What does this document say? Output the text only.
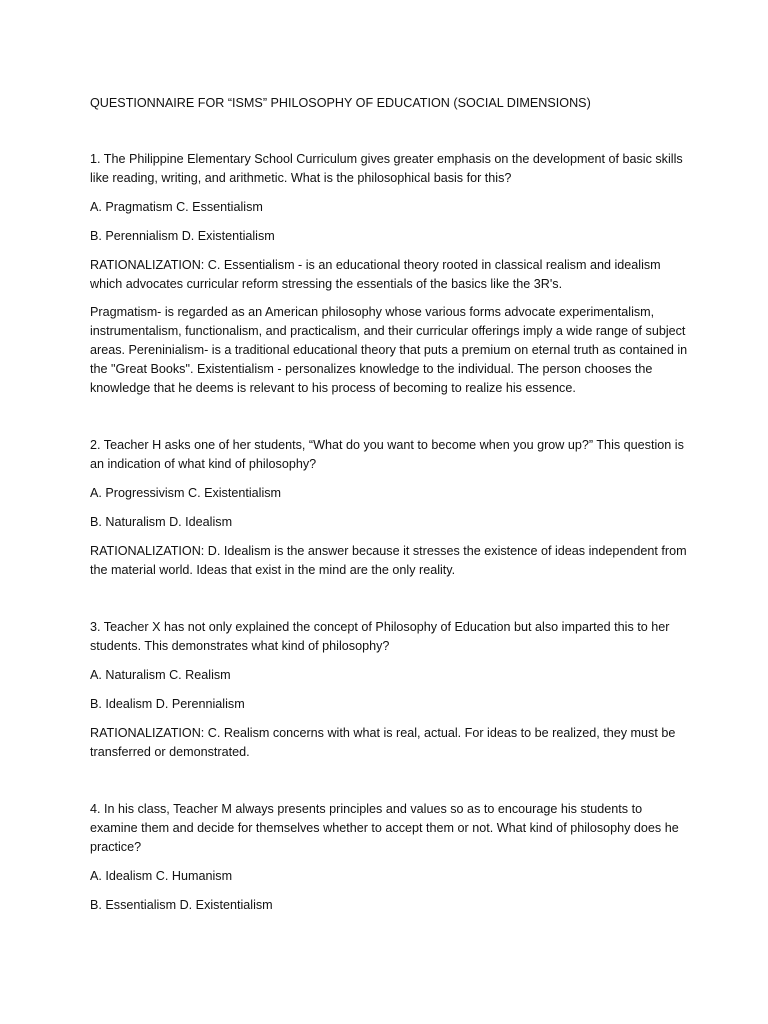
QUESTIONNAIRE FOR “ISMS” PHILOSOPHY OF EDUCATION (SOCIAL DIMENSIONS)

1. The Philippine Elementary School Curriculum gives greater emphasis on the development of basic skills like reading, writing, and arithmetic. What is the philosophical basis for this?

A. Pragmatism C. Essentialism

B. Perennialism D. Existentialism

RATIONALIZATION: C. Essentialism - is an educational theory rooted in classical realism and idealism which advocates curricular reform stressing the essentials of the basics like the 3R's.

Pragmatism- is regarded as an American philosophy whose various forms advocate experimentalism, instrumentalism, functionalism, and practicalism, and their curricular offerings imply a wide range of subject areas. Pereninialism- is a traditional educational theory that puts a premium on eternal truth as contained in the "Great Books". Existentialism - personalizes knowledge to the individual. The person chooses the knowledge that he deems is relevant to his process of becoming to realize his essence.

2. Teacher H asks one of her students, “What do you want to become when you grow up?” This question is an indication of what kind of philosophy?

A. Progressivism C. Existentialism

B. Naturalism D. Idealism

RATIONALIZATION: D. Idealism is the answer because it stresses the existence of ideas independent from the material world. Ideas that exist in the mind are the only reality.

3. Teacher X has not only explained the concept of Philosophy of Education but also imparted this to her students. This demonstrates what kind of philosophy?

A. Naturalism C. Realism

B. Idealism D. Perennialism

RATIONALIZATION: C. Realism concerns with what is real, actual. For ideas to be realized, they must be transferred or demonstrated.

4. In his class, Teacher M always presents principles and values so as to encourage his students to examine them and decide for themselves whether to accept them or not. What kind of philosophy does he practice?

A. Idealism C. Humanism

B. Essentialism D. Existentialism
